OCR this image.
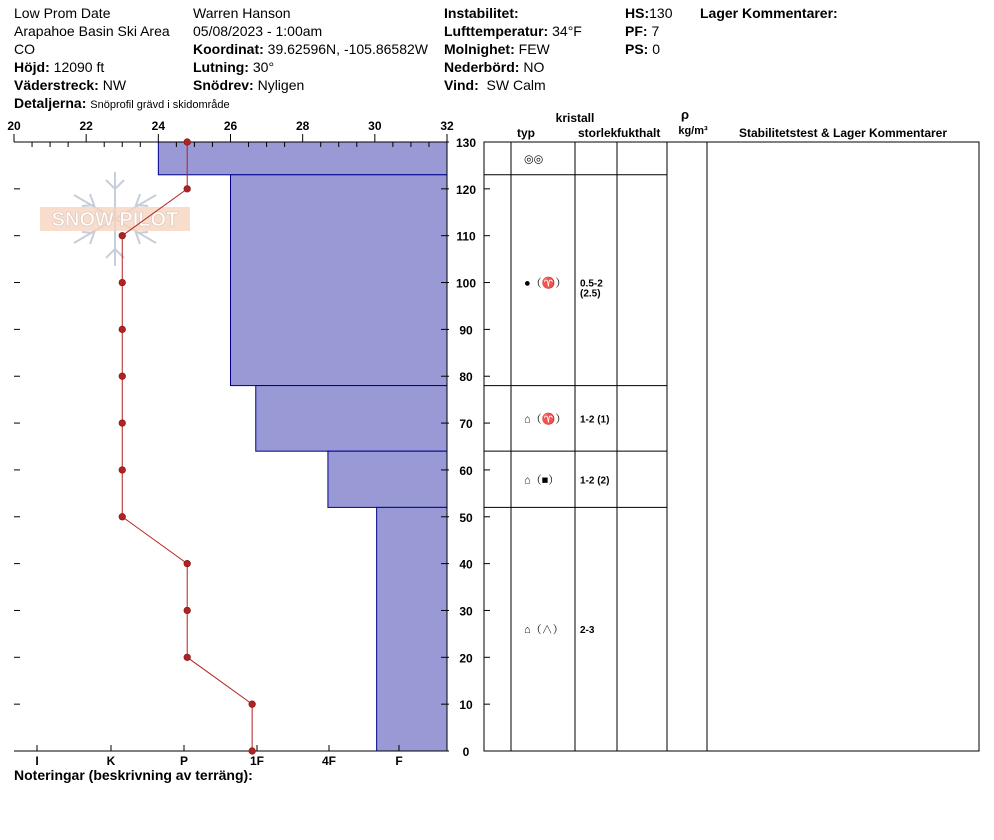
Low Prom Date
Arapahoe Basin Ski Area
CO
Höjd: 12090 ft
Väderstreck: NW
Detaljerna: Snöprofil grävd i skidområde
Warren Hanson
05/08/2023 - 1:00am
Koordinat: 39.62596N, -105.86582W
Lutning: 30°
Snödrev: Nyligen
Instabilitet:
Lufttemperatur: 34°F
Molnighet: FEW
Nederbörd: NO
Vind: SW Calm
HS:130
PF: 7
PS: 0
Lager Kommentarer:
SNOW PILOT
20	22	24	26	28	30	32
0
10
20
30
40
50
60
70
80
90
100
110
120
130
I	K	P	1F	4F	F
◎◎
●（♈） 0.5-2
(2.5)
⌂（♈） 1-2 (1)
⌂（■） 1-2 (2)
⌂（∧） 2-3
kristall
typ	storlek fukthalt
ρ
kg/m³	Stabilitetstest & Lager Kommentarer
Noteringar (beskrivning av terräng):
